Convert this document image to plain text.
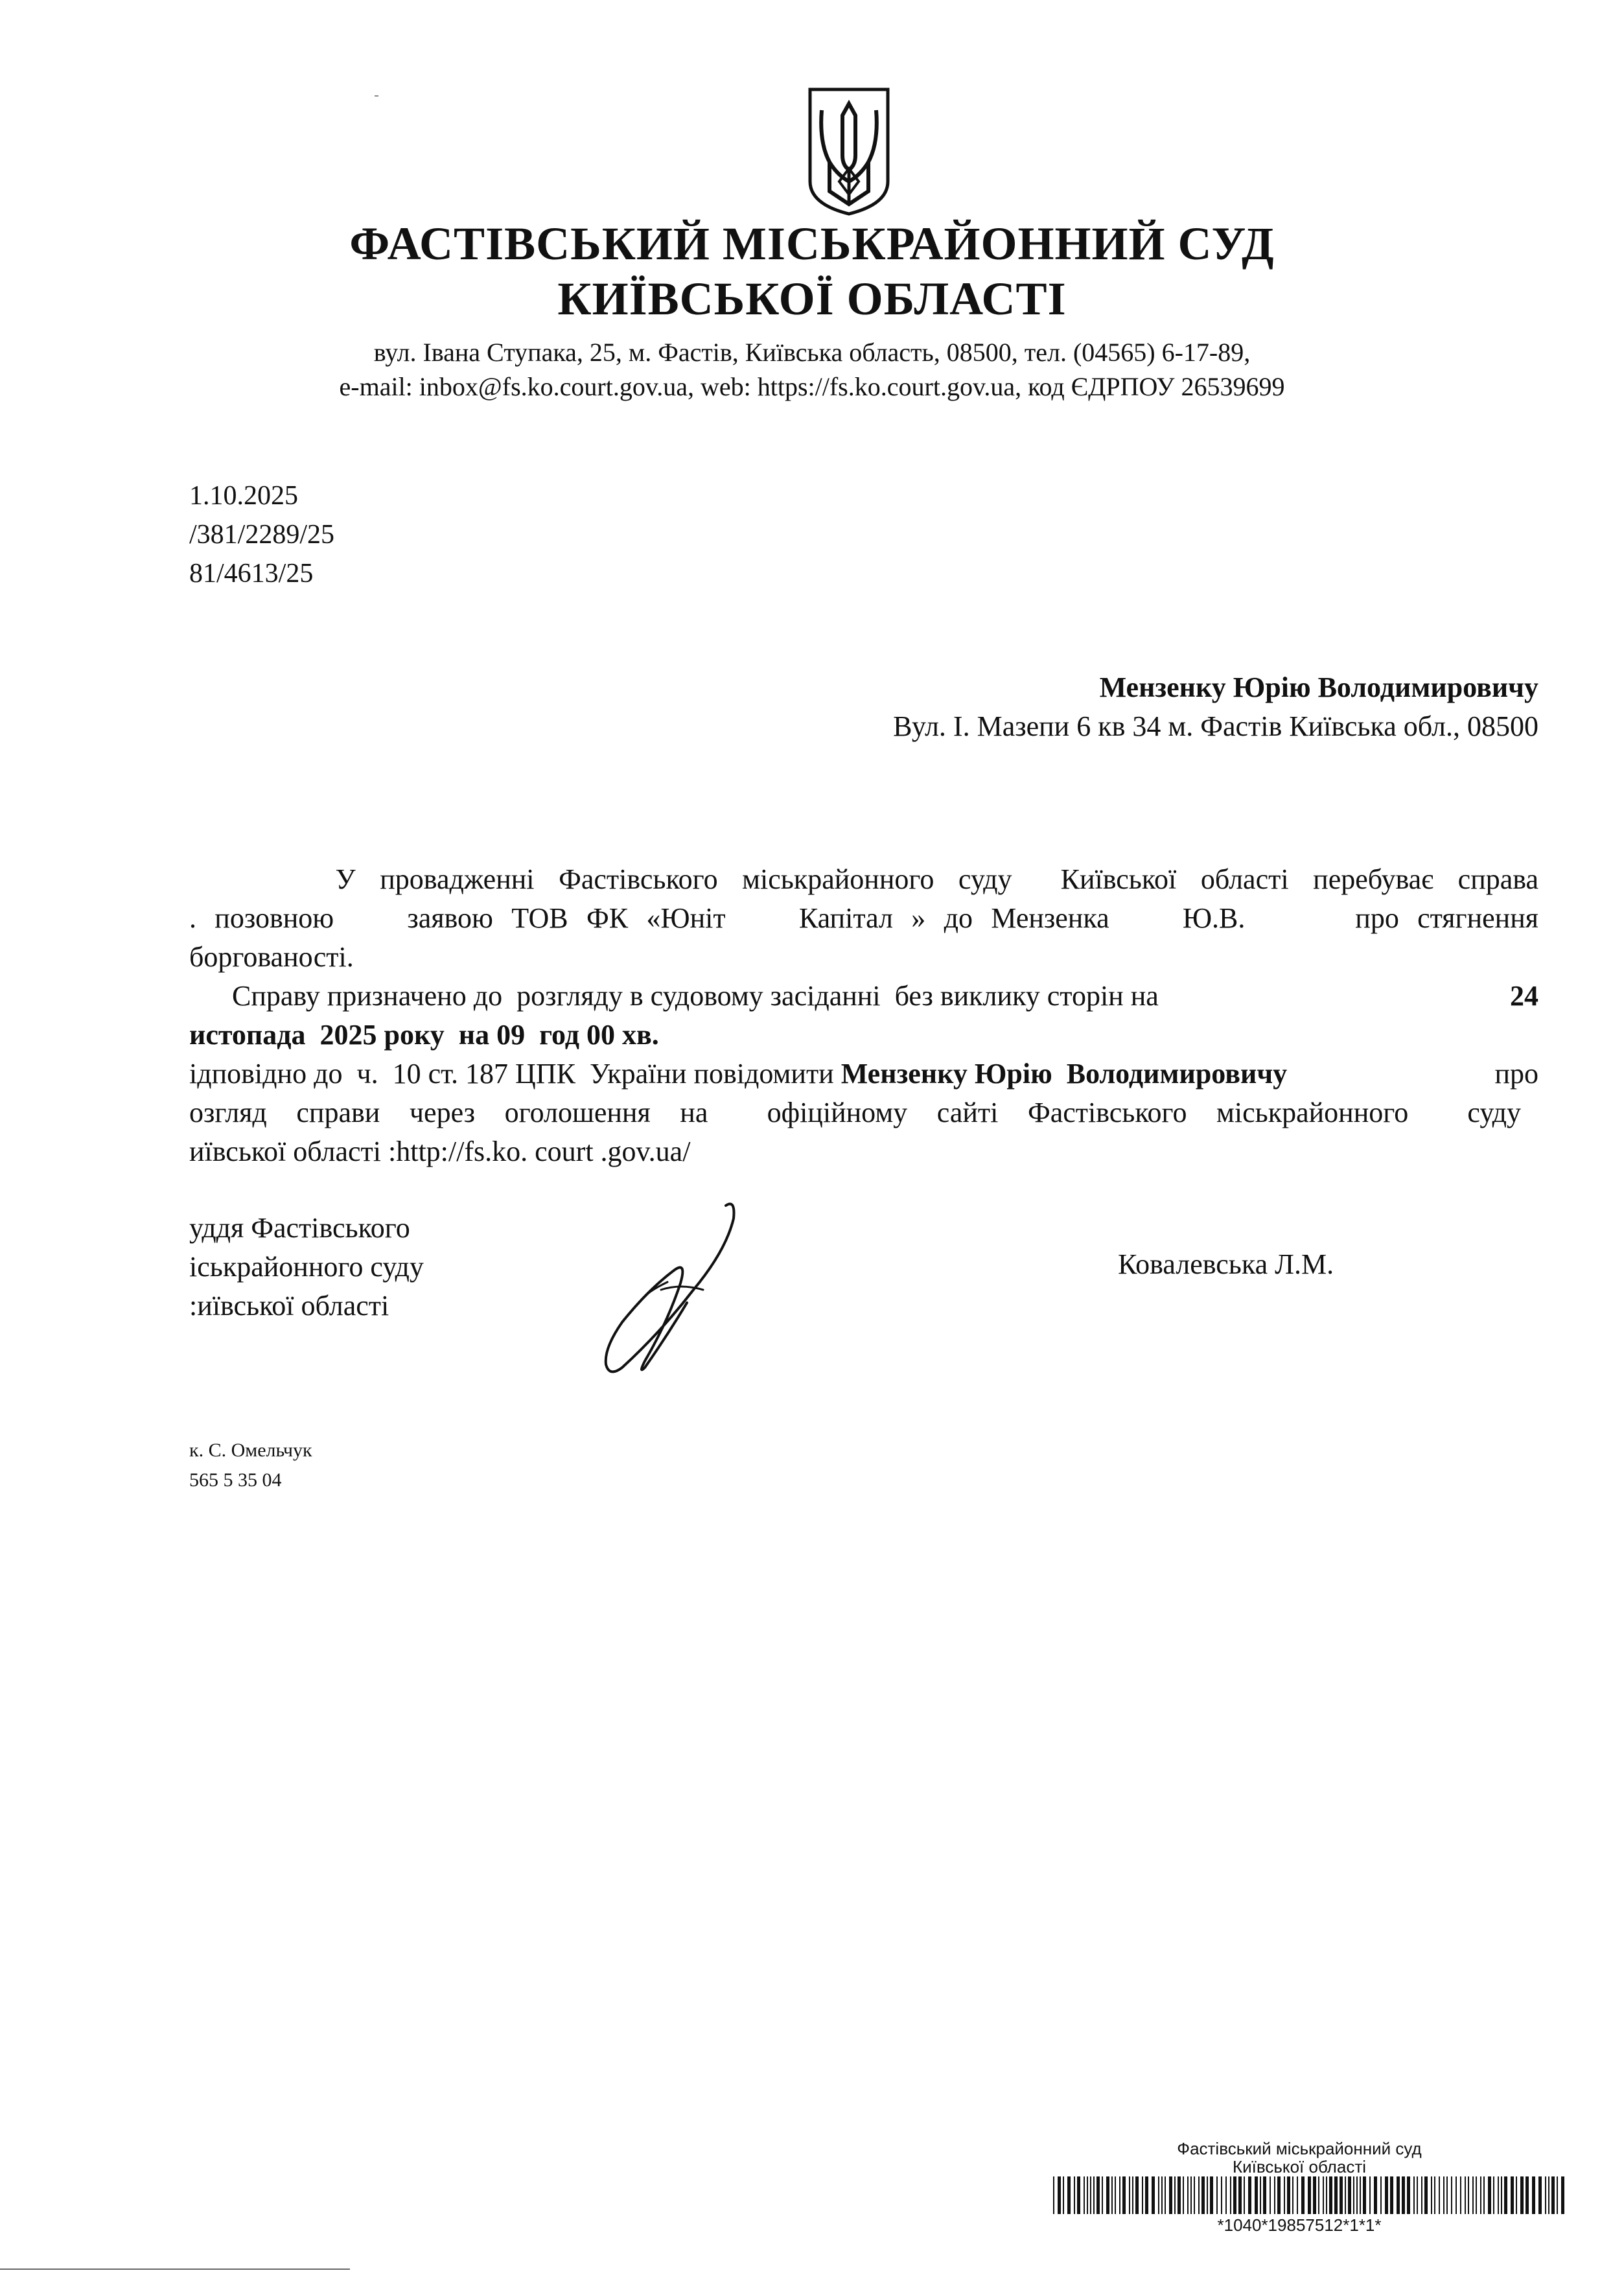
ФАСТІВСЬКИЙ МІСЬКРАЙОННИЙ СУД
КИЇВСЬКОЇ ОБЛАСТІ
вул. Івана Ступака, 25, м. Фастів, Київська область, 08500, тел. (04565) 6-17-89,
e-mail: inbox@fs.ko.court.gov.ua, web: https://fs.ko.court.gov.ua, код ЄДРПОУ 26539699
1.10.2025
/381/2289/25
81/4613/25
Мензенку Юрію Володимировичу
Вул. І. Мазепи 6 кв 34 м. Фастів Київська обл., 08500
У провадженні Фастівського міськрайонного суду  Київської області перебуває справа
. позовною    заявою ТОВ ФК «Юніт    Капітал » до Мензенка    Ю.В.      про стягнення
боргованості.
Справу призначено до  розгляду в судовому засіданні  без виклику сторін на	24
истопада  2025 року  на 09  год 00 хв.
ідповідно до  ч.  10 ст. 187 ЦПК  України повідомити Мензенку Юрію  Володимировичу	про
озгляд справи через оголошення на  офіційному сайті Фастівського міськрайонного  суду
иївської області :http://fs.ko. court .gov.ua/
уддя Фастівського
іськрайонного суду
:иївської області
Ковалевська Л.М.
к. С. Омельчук
565 5 35 04
Фастівський міськрайонний суд
Київської області
*1040*19857512*1*1*
